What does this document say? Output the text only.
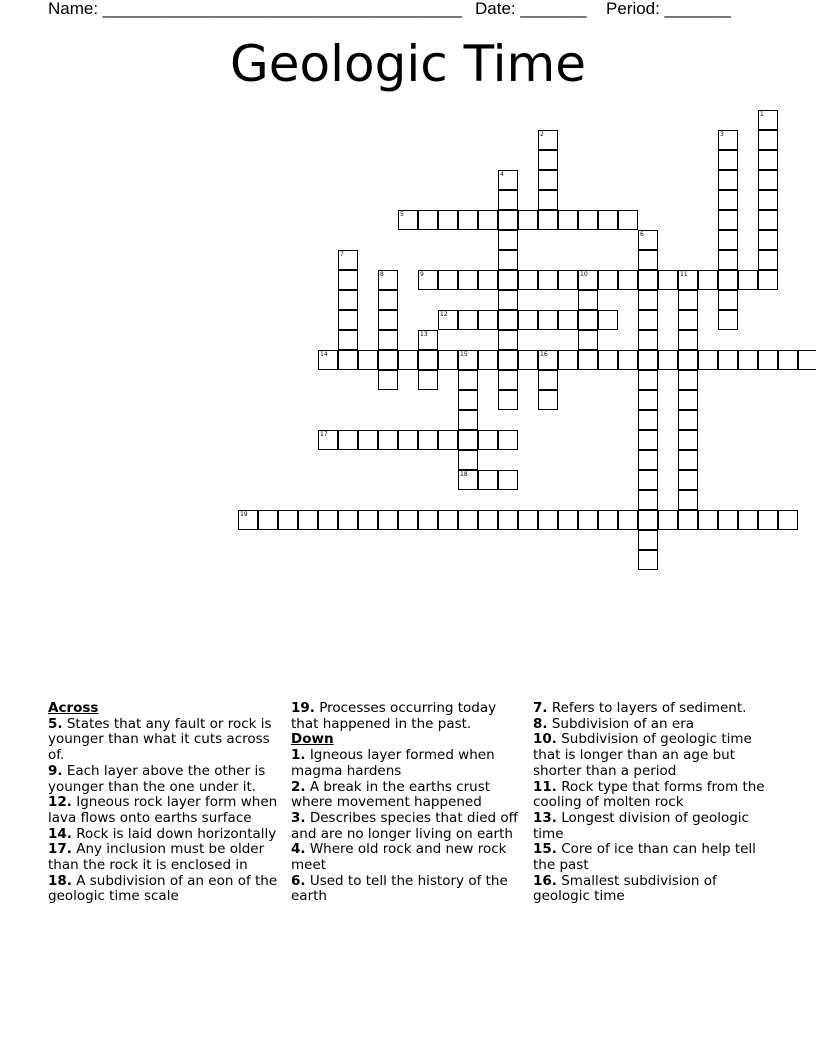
Name: ______________________________________ Date: _______ Period: _______
Geologic Time
1
2	3
4
5
6
7
8	9	10	11
12
13
14	15	16
18
17
19
Across

5. States that any fault or rock is younger than what it cuts across of.

9. Each layer above the other is younger than the one under it.

12. Igneous rock layer form when lava flows onto earths surface

14. Rock is laid down horizontally

17. Any inclusion must be older than the rock it is enclosed in

18. A subdivision of an eon of the geologic time scale

19. Processes occurring today that happened in the past.

Down

1. Igneous layer formed when magma hardens

2. A break in the earths crust where movement happened

3. Describes species that died off and are no longer living on earth

4. Where old rock and new rock meet

6. Used to tell the history of the earth

7. Refers to layers of sediment.

8. Subdivision of an era

10. Subdivision of geologic time that is longer than an age but shorter than a period

11. Rock type that forms from the cooling of molten rock

13. Longest division of geologic time

15. Core of ice than can help tell the past

16. Smallest subdivision of geologic time
